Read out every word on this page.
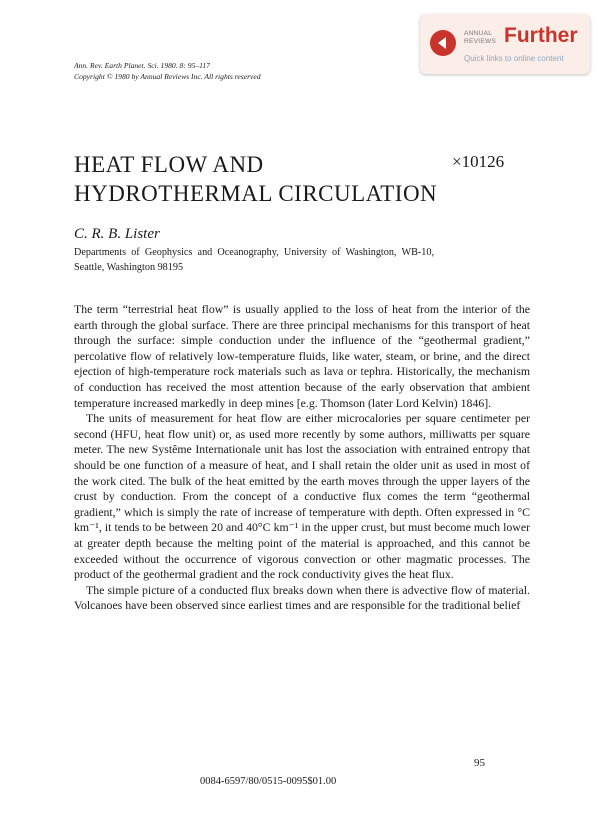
Ann. Rev. Earth Planet. Sci. 1980. 8: 95–117
Copyright © 1980 by Annual Reviews Inc. All rights reserved
ANNUAL
REVIEWS Further
Quick links to online content
HEAT FLOW AND
HYDROTHERMAL CIRCULATION
×10126
C. R. B. Lister
Departments of Geophysics and Oceanography, University of Washington, WB-10, Seattle, Washington 98195

The term “terrestrial heat flow” is usually applied to the loss of heat from the interior of the earth through the global surface. There are three principal mechanisms for this transport of heat through the surface: simple conduction under the influence of the “geothermal gradient,” percolative flow of relatively low-temperature fluids, like water, steam, or brine, and the direct ejection of high-temperature rock materials such as lava or tephra. Historically, the mechanism of conduction has received the most attention because of the early observation that ambient temperature increased markedly in deep mines [e.g. Thomson (later Lord Kelvin) 1846].

The units of measurement for heat flow are either microcalories per square centimeter per second (HFU, heat flow unit) or, as used more recently by some authors, milliwatts per square meter. The new Systême Internationale unit has lost the association with entrained entropy that should be one function of a measure of heat, and I shall retain the older unit as used in most of the work cited. The bulk of the heat emitted by the earth moves through the upper layers of the crust by conduction. From the concept of a conductive flux comes the term “geothermal gradient,” which is simply the rate of increase of temperature with depth. Often expressed in °C km⁻¹, it tends to be between 20 and 40°C km⁻¹ in the upper crust, but must become much lower at greater depth because the melting point of the material is approached, and this cannot be exceeded without the occurrence of vigorous convection or other magmatic processes. The product of the geothermal gradient and the rock conductivity gives the heat flux.

The simple picture of a conducted flux breaks down when there is advective flow of material. Volcanoes have been observed since earliest times and are responsible for the traditional belief

95
0084-6597/80/0515-0095$01.00
